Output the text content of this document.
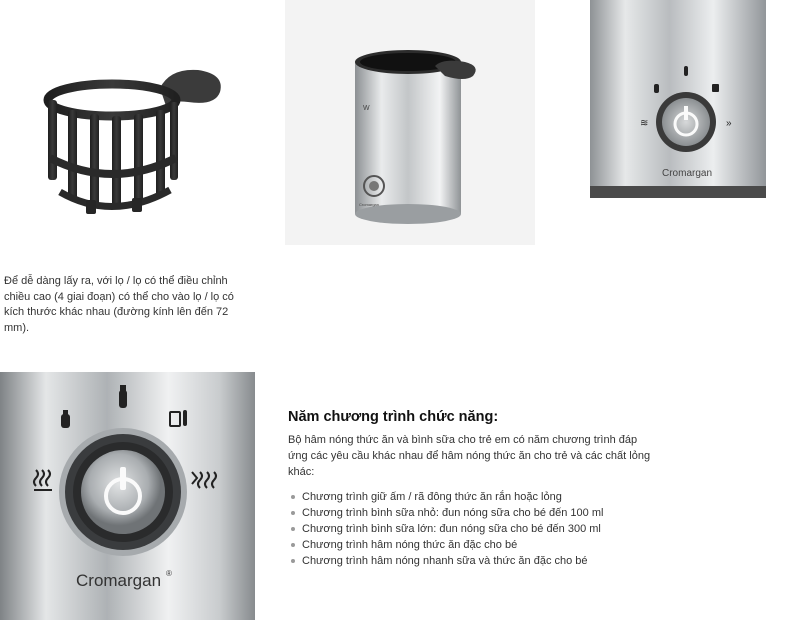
W
Cromargan
≋	»
Cromargan
Để dễ dàng lấy ra, với lọ / lọ có thể điều chỉnh chiều cao (4 giai đoạn) có thể cho vào lọ / lọ có kích thước khác nhau (đường kính lên đến 72 mm).
Cromargan ®
Năm chương trình chức năng:
Bộ hâm nóng thức ăn và bình sữa cho trẻ em có năm chương trình đáp ứng các yêu cầu khác nhau để hâm nóng thức ăn cho trẻ và các chất lỏng khác:
Chương trình giữ ấm / rã đông thức ăn rắn hoặc lỏng
Chương trình bình sữa nhỏ: đun nóng sữa cho bé đến 100 ml
Chương trình bình sữa lớn: đun nóng sữa cho bé đến 300 ml
Chương trình hâm nóng thức ăn đặc cho bé
Chương trình hâm nóng nhanh sữa và thức ăn đặc cho bé
